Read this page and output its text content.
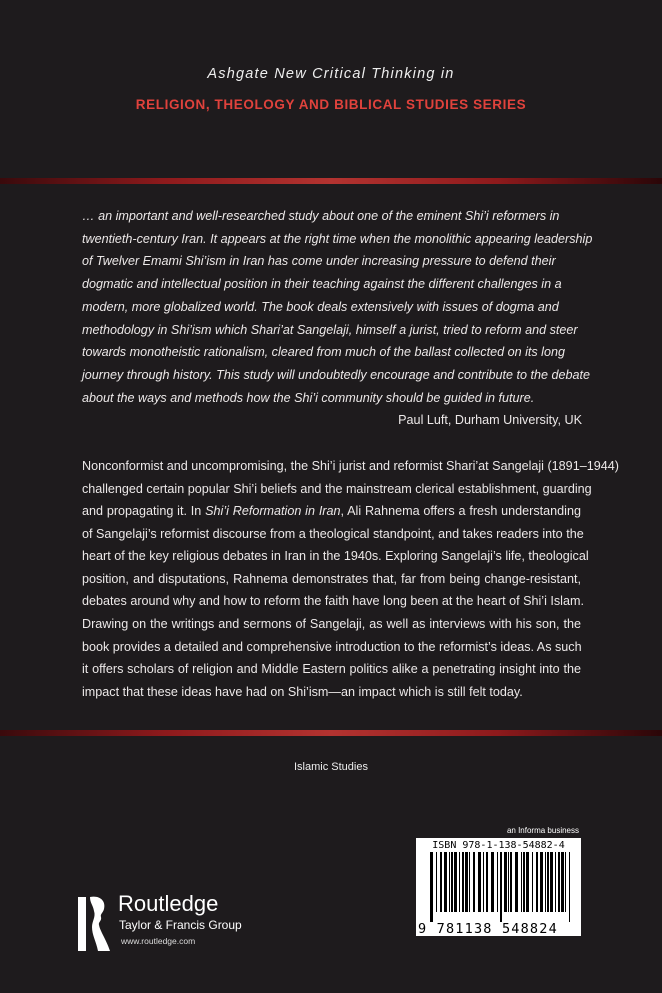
Ashgate New Critical Thinking in
RELIGION, THEOLOGY AND BIBLICAL STUDIES SERIES
… an important and well-researched study about one of the eminent Shi’i reformers in
twentieth-century Iran. It appears at the right time when the monolithic appearing leadership
of Twelver Emami Shi’ism in Iran has come under increasing pressure to defend their
dogmatic and intellectual position in their teaching against the different challenges in a
modern, more globalized world. The book deals extensively with issues of dogma and
methodology in Shi’ism which Shari’at Sangelaji, himself a jurist, tried to reform and steer
towards monotheistic rationalism, cleared from much of the ballast collected on its long
journey through history. This study will undoubtedly encourage and contribute to the debate
about the ways and methods how the Shi’i community should be guided in future.
Paul Luft, Durham University, UK
Nonconformist and uncompromising, the Shi’i jurist and reformist Shari’at Sangelaji (1891–1944)
challenged certain popular Shi’i beliefs and the mainstream clerical establishment, guarding
and propagating it. In Shi’i Reformation in Iran, Ali Rahnema offers a fresh understanding
of Sangelaji’s reformist discourse from a theological standpoint, and takes readers into the
heart of the key religious debates in Iran in the 1940s. Exploring Sangelaji’s life, theological
position, and disputations, Rahnema demonstrates that, far from being change-resistant,
debates around why and how to reform the faith have long been at the heart of Shi’i Islam.
Drawing on the writings and sermons of Sangelaji, as well as interviews with his son, the
book provides a detailed and comprehensive introduction to the reformist’s ideas. As such
it offers scholars of religion and Middle Eastern politics alike a penetrating insight into the
impact that these ideas have had on Shi’ism—an impact which is still felt today.
Islamic Studies
Routledge
Taylor & Francis Group
www.routledge.com
an Informa business
ISBN 978-1-138-54882-4
9 781138 548824
